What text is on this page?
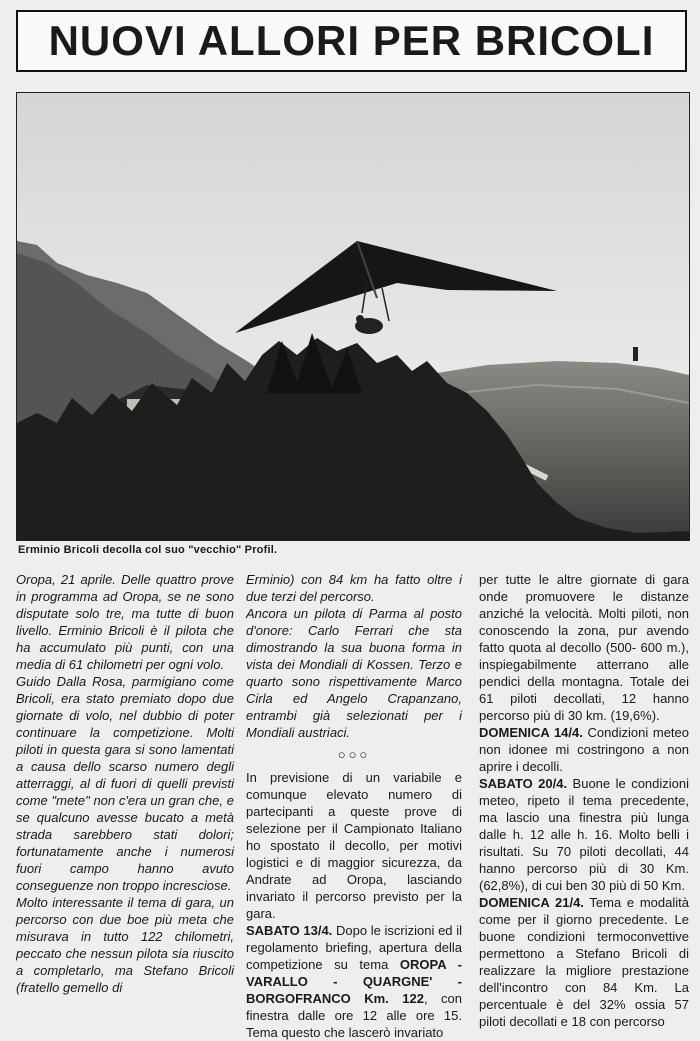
NUOVI ALLORI PER BRICOLI
Erminio Bricoli decolla col suo "vecchio" Profil.

Oropa, 21 aprile. Delle quattro prove in programma ad Oropa, se ne sono disputate solo tre, ma tutte di buon livello. Erminio Bricoli è il pilota che ha accumulato più punti, con una media di 61 chilometri per ogni volo.

Guido Dalla Rosa, parmigiano come Bricoli, era stato premiato dopo due giornate di volo, nel dubbio di poter continuare la competizione. Molti piloti in questa gara si sono lamentati a causa dello scarso numero degli atterraggi, al di fuori di quelli previsti come "mete" non c'era un gran che, e se qualcuno avesse bucato a metà strada sarebbero stati dolori; fortunatamente anche i numerosi fuori campo hanno avuto conseguenze non troppo incresciose.

Molto interessante il tema di gara, un percorso con due boe più meta che misurava in tutto 122 chilometri, peccato che nessun pilota sia riuscito a completarlo, ma Stefano Bricoli (fratello gemello di

Erminio) con 84 km ha fatto oltre i due terzi del percorso.

Ancora un pilota di Parma al posto d'onore: Carlo Ferrari che sta dimostrando la sua buona forma in vista dei Mondiali di Kossen. Terzo e quarto sono rispettivamente Marco Cirla ed Angelo Crapanzano, entrambi già selezionati per i Mondiali austriaci.

○○○

In previsione di un variabile e comunque elevato numero di partecipanti a queste prove di selezione per il Campionato Italiano ho spostato il decollo, per motivi logistici e di maggior sicurezza, da Andrate ad Oropa, lasciando invariato il percorso previsto per la gara.

SABATO 13/4. Dopo le iscrizioni ed il regolamento briefing, apertura della competizione su tema OROPA - VARALLO - QUARGNE' - BORGOFRANCO Km. 122, con finestra dalle ore 12 alle ore 15. Tema questo che lascerò invariato

per tutte le altre giornate di gara onde promuovere le distanze anziché la velocità. Molti piloti, non conoscendo la zona, pur avendo fatto quota al decollo (500- 600 m.), inspiegabilmente atterrano alle pendici della montagna. Totale dei 61 piloti decollati, 12 hanno percorso più di 30 km. (19,6%).

DOMENICA 14/4. Condizioni meteo non idonee mi costringono a non aprire i decolli.

SABATO 20/4. Buone le condizioni meteo, ripeto il tema precedente, ma lascio una finestra più lunga dalle h. 12 alle h. 16. Molto belli i risultati. Su 70 piloti decollati, 44 hanno percorso più di 30 Km. (62,8%), di cui ben 30 più di 50 Km.

DOMENICA 21/4. Tema e modalità come per il giorno precedente. Le buone condizioni termoconvettive permettono a Stefano Bricoli di realizzare la migliore prestazione dell'incontro con 84 Km. La percentuale è del 32% ossia 57 piloti decollati e 18 con percorso
